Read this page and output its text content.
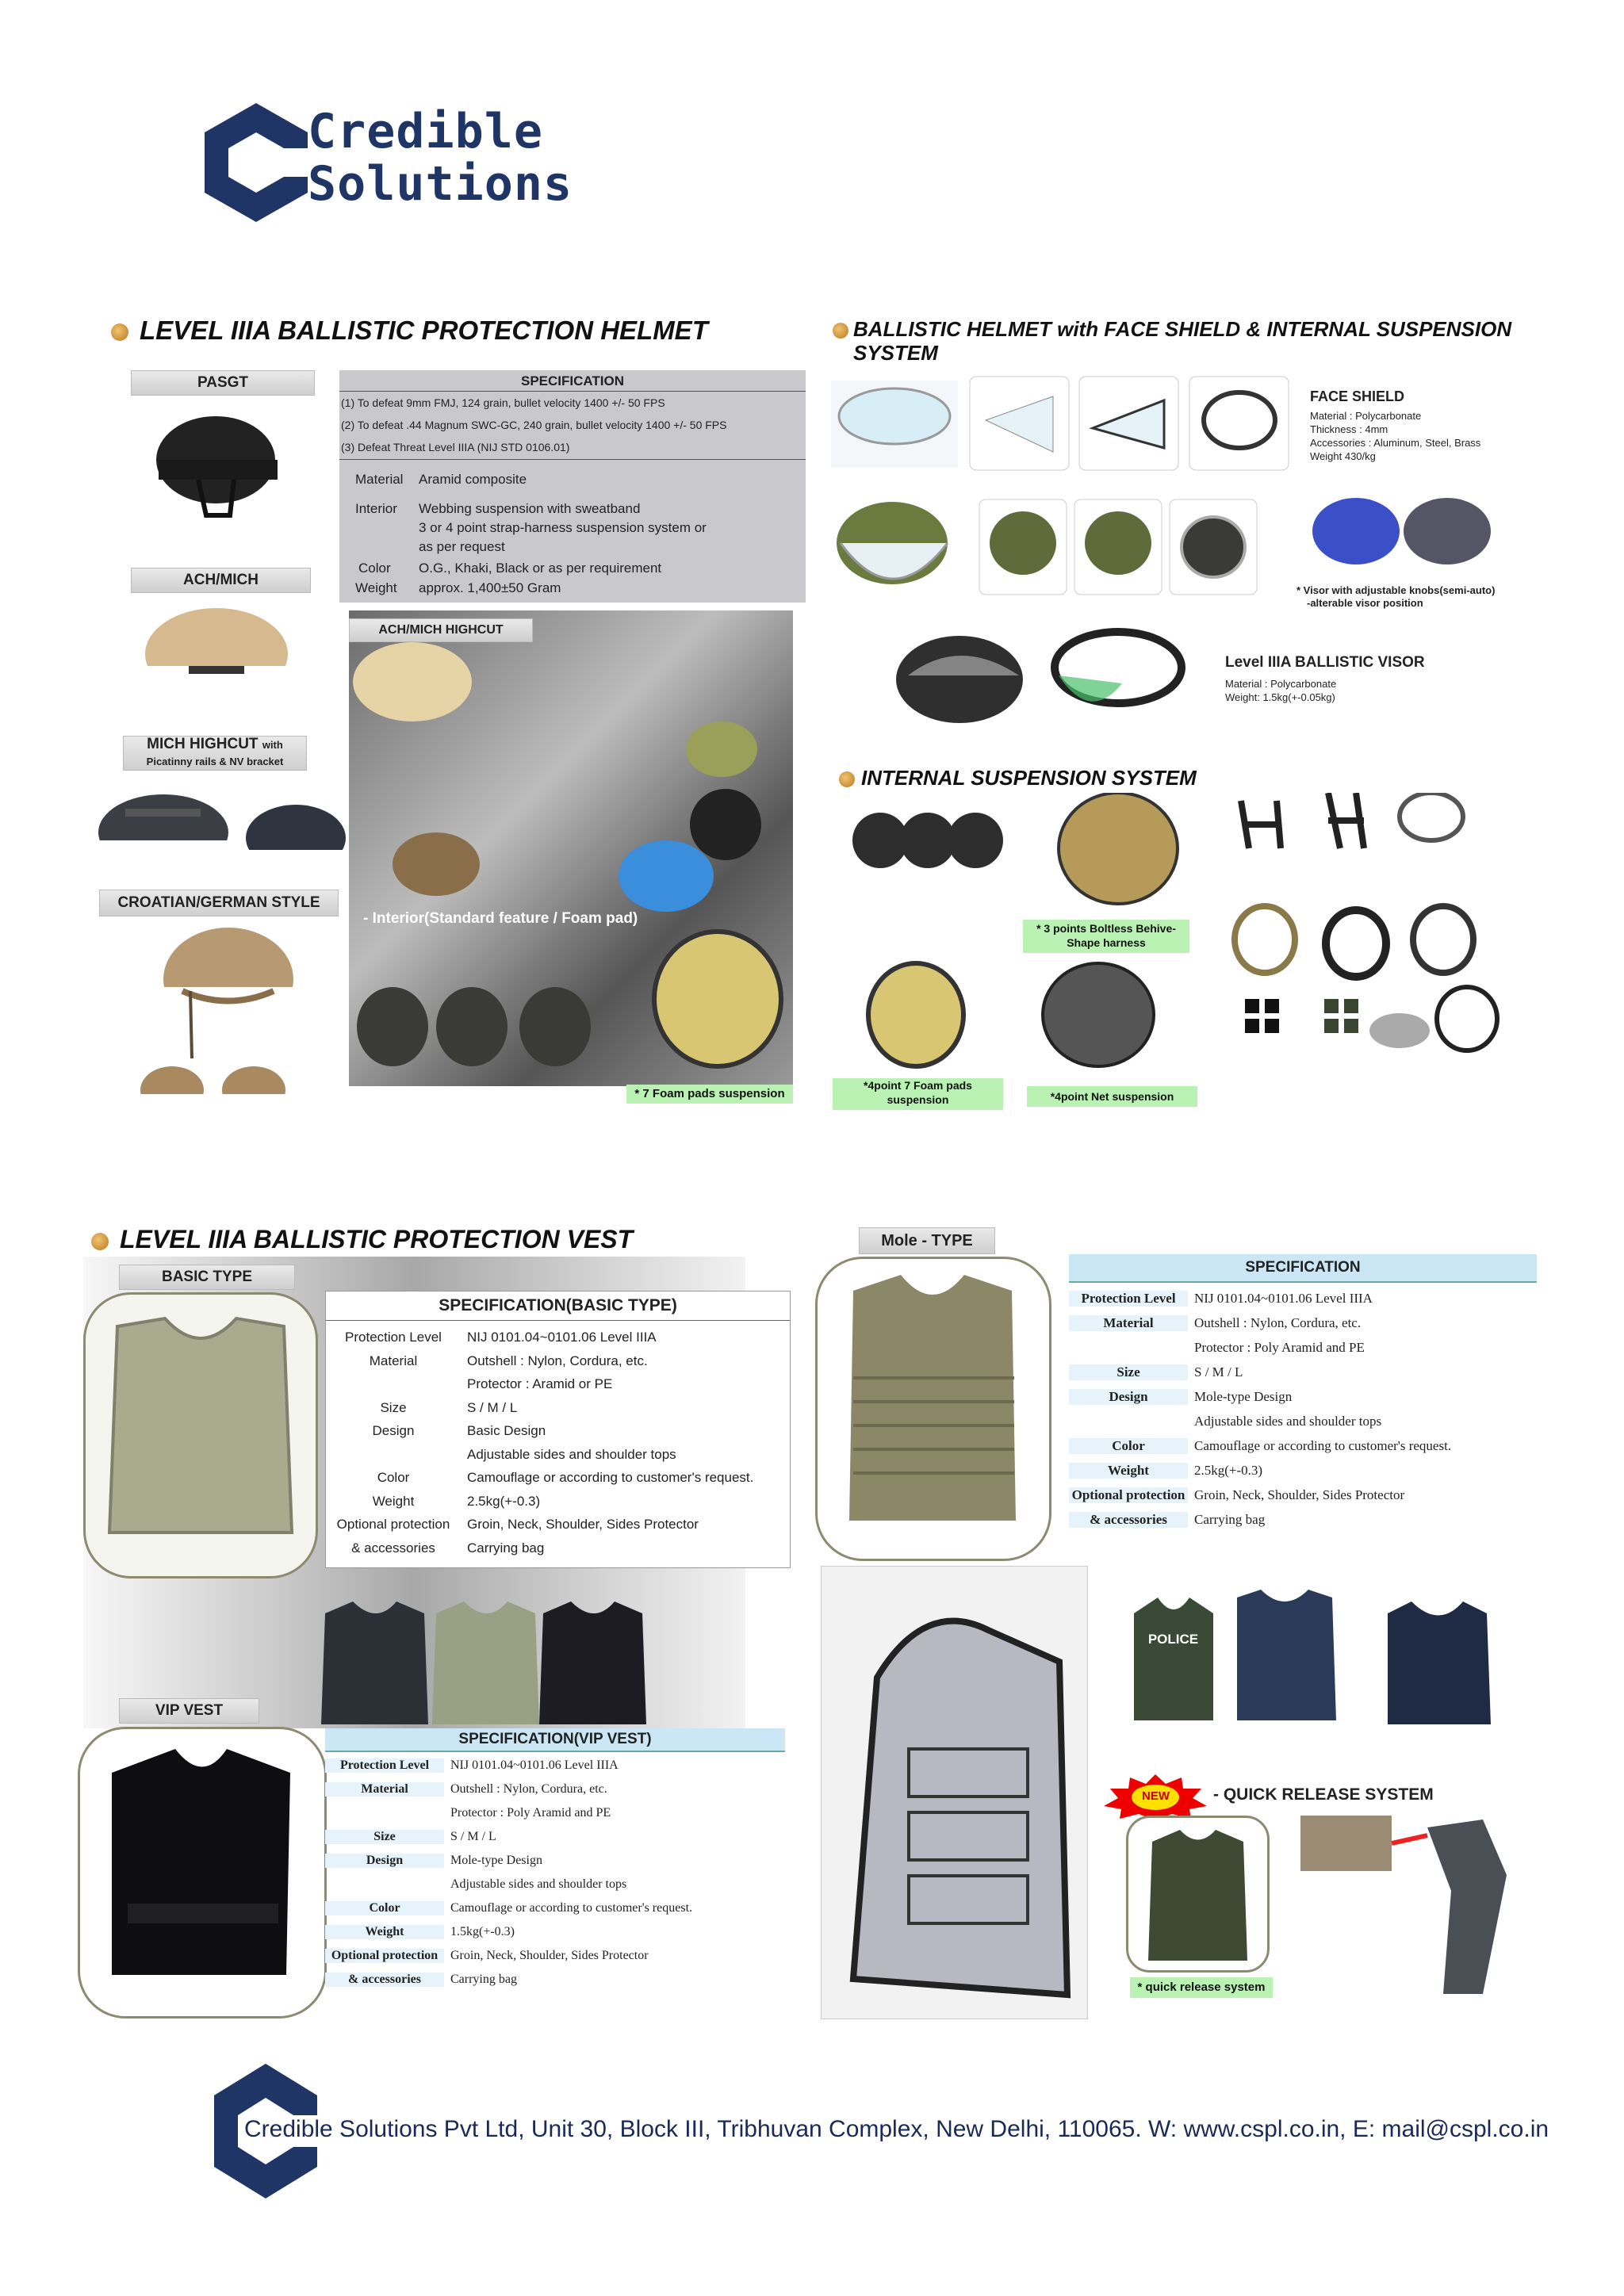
Credible
Solutions
LEVEL IIIA BALLISTIC PROTECTION HELMET
PASGT
ACH/MICH
MICH HIGHCUT with
Picatinny rails & NV bracket
CROATIAN/GERMAN STYLE
SPECIFICATION
(1) To defeat 9mm FMJ, 124 grain, bullet velocity 1400 +/- 50 FPS
(2) To defeat .44 Magnum SWC-GC, 240 grain, bullet velocity 1400 +/- 50 FPS
(3) Defeat Threat Level IIIA (NIJ STD 0106.01)
Material Aramid composite
Interior Webbing suspension with sweatband
3 or 4 point strap-harness suspension system or
as per request
Color O.G., Khaki, Black or as per requirement
Weight approx. 1,400±50 Gram
ACH/MICH HIGHCUT
- Interior(Standard feature / Foam pad)
* 7 Foam pads suspension
BALLISTIC HELMET with FACE SHIELD & INTERNAL SUSPENSION
SYSTEM
FACE SHIELD
Material : Polycarbonate
Thickness : 4mm
Accessories : Aluminum, Steel, Brass
Weight 430/kg
* Visor with adjustable knobs(semi-auto)
-alterable visor position
Level IIIA BALLISTIC VISOR
Material : Polycarbonate
Weight: 1.5kg(+-0.05kg)
INTERNAL SUSPENSION SYSTEM
* 3 points Boltless Behive-Shape harness
*4point 7 Foam pads suspension	*4point Net suspension
LEVEL IIIA BALLISTIC PROTECTION VEST
BASIC TYPE
SPECIFICATION(BASIC TYPE)
Protection Level	NIJ 0101.04~0101.06 Level IIIA
Material	Outshell : Nylon, Cordura, etc.
Protector : Aramid or PE
Size	S / M / L
Design	Basic Design
Adjustable sides and shoulder tops
Color	Camouflage or according to customer's request.
Weight	2.5kg(+-0.3)
Optional protection	Groin, Neck, Shoulder, Sides Protector
& accessories	Carrying bag
VIP VEST
SPECIFICATION(VIP VEST)
Protection Level	NIJ 0101.04~0101.06 Level IIIA
Material	Outshell : Nylon, Cordura, etc.
Protector : Poly Aramid and PE
Size	S / M / L
Design	Mole-type Design
Adjustable sides and shoulder tops
Color	Camouflage or according to customer's request.
Weight	1.5kg(+-0.3)
Optional protection Groin, Neck, Shoulder, Sides Protector
& accessories	Carrying bag
Mole - TYPE
SPECIFICATION
Protection Level	NIJ 0101.04~0101.06 Level IIIA
Material	Outshell : Nylon, Cordura, etc.
Protector : Poly Aramid and PE
Size	S / M / L
Design	Mole-type Design
Adjustable sides and shoulder tops
Color	Camouflage or according to customer's request.
Weight	2.5kg(+-0.3)
Optional protection Groin, Neck, Shoulder, Sides Protector
& accessories	Carrying bag
POLICE
NEW	- QUICK RELEASE SYSTEM
* quick release system
Credible Solutions Pvt Ltd, Unit 30, Block III, Tribhuvan Complex, New Delhi, 110065. W: www.cspl.co.in, E: mail@cspl.co.in
